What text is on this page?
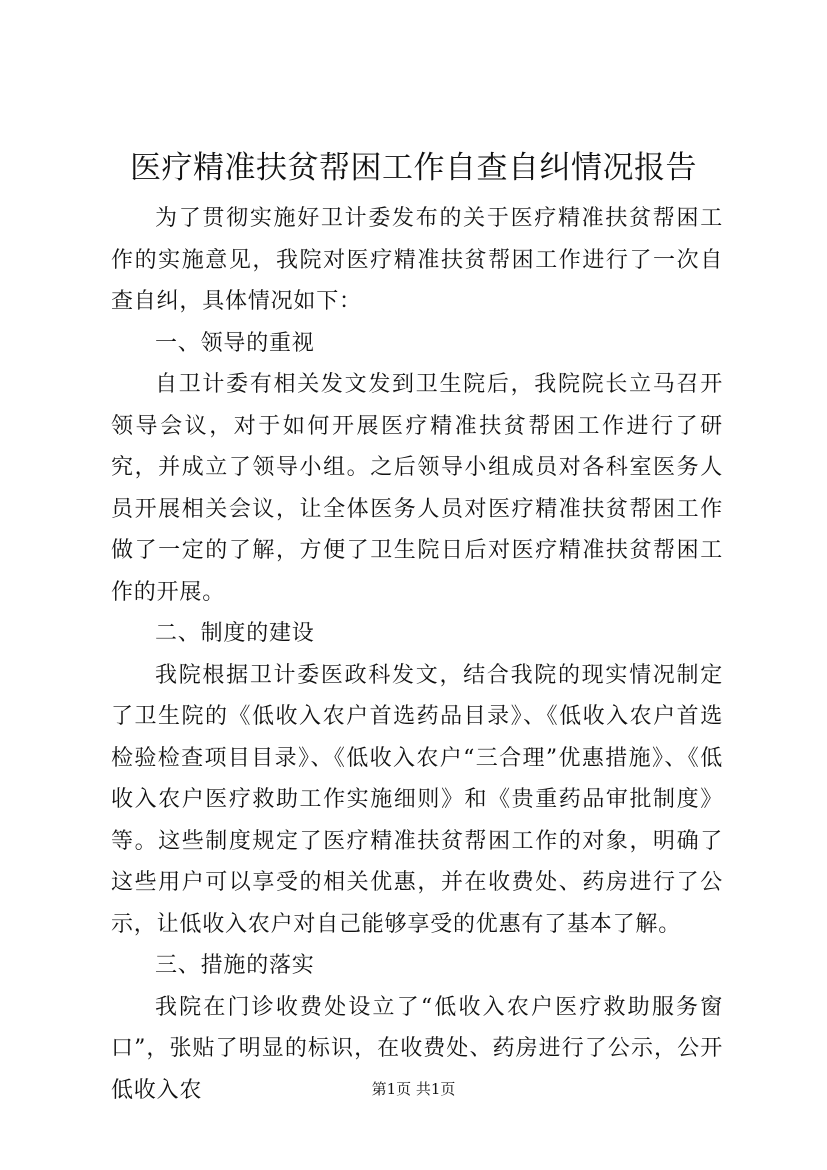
医疗精准扶贫帮困工作自查自纠情况报告

为了贯彻实施好卫计委发布的关于医疗精准扶贫帮困工作的实施意见，我院对医疗精准扶贫帮困工作进行了一次自查自纠，具体情况如下：

一、领导的重视

自卫计委有相关发文发到卫生院后，我院院长立马召开领导会议，对于如何开展医疗精准扶贫帮困工作进行了研究，并成立了领导小组。之后领导小组成员对各科室医务人员开展相关会议，让全体医务人员对医疗精准扶贫帮困工作做了一定的了解，方便了卫生院日后对医疗精准扶贫帮困工作的开展。

二、制度的建设

我院根据卫计委医政科发文，结合我院的现实情况制定了卫生院的《低收入农户首选药品目录》、《低收入农户首选检验检查项目目录》、《低收入农户“三合理”优惠措施》、《低收入农户医疗救助工作实施细则》和《贵重药品审批制度》等。这些制度规定了医疗精准扶贫帮困工作的对象，明确了这些用户可以享受的相关优惠，并在收费处、药房进行了公示，让低收入农户对自己能够享受的优惠有了基本了解。

三、措施的落实

我院在门诊收费处设立了“低收入农户医疗救助服务窗口”，张贴了明显的标识，在收费处、药房进行了公示，公开低收入农	第1页 共1页
